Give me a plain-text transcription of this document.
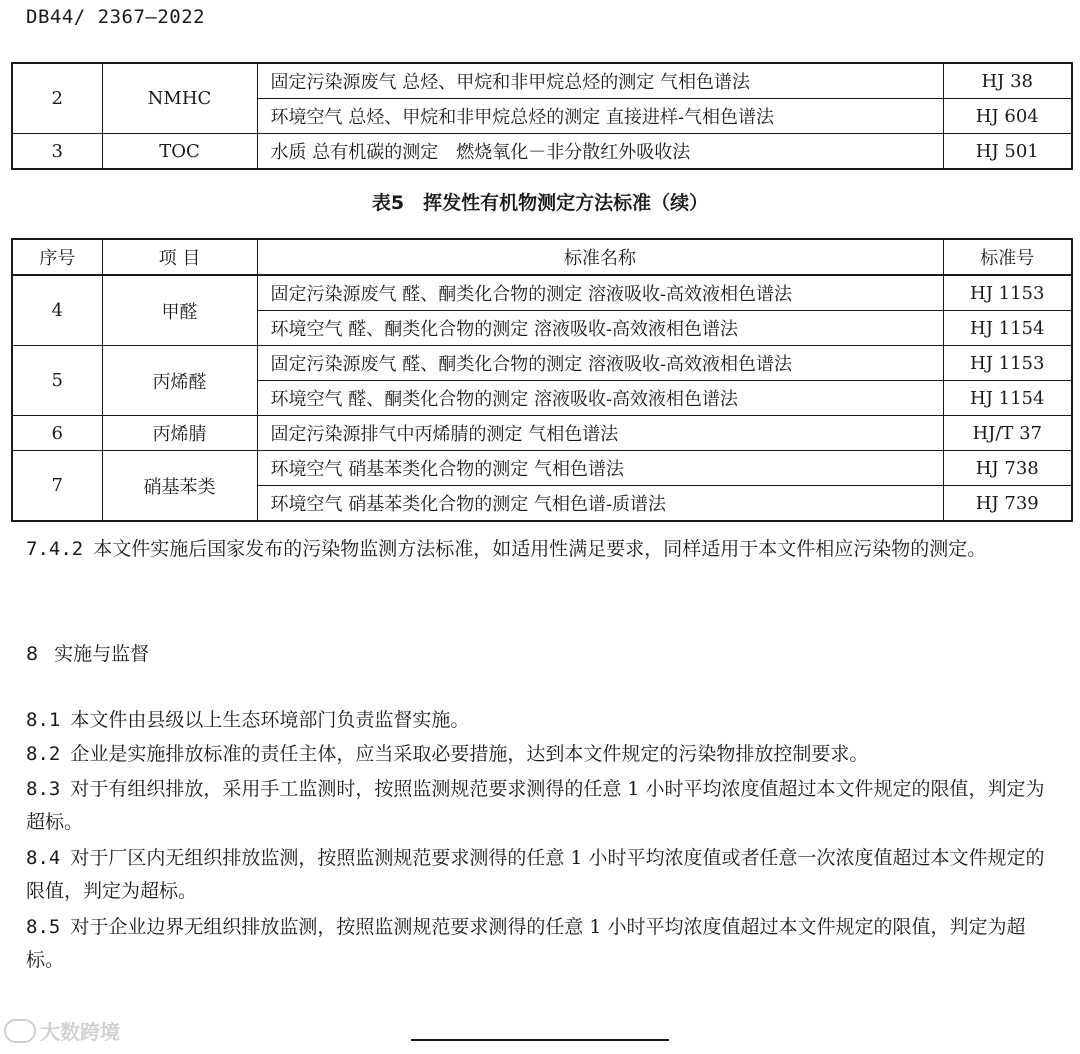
DB44/ 2367—2022
2	NMHC	固定污染源废气 总烃、甲烷和非甲烷总烃的测定 气相色谱法	HJ 38
		环境空气 总烃、甲烷和非甲烷总烃的测定 直接进样-气相色谱法	HJ 604
3	TOC	水质 总有机碳的测定　燃烧氧化－非分散红外吸收法	HJ 501
表5　挥发性有机物测定方法标准（续）
序号	项 目	标准名称	标准号
4	甲醛	固定污染源废气 醛、酮类化合物的测定 溶液吸收-高效液相色谱法	HJ 1153
		环境空气 醛、酮类化合物的测定 溶液吸收-高效液相色谱法	HJ 1154
5	丙烯醛	固定污染源废气 醛、酮类化合物的测定 溶液吸收-高效液相色谱法	HJ 1153
		环境空气 醛、酮类化合物的测定 溶液吸收-高效液相色谱法	HJ 1154
6	丙烯腈	固定污染源排气中丙烯腈的测定 气相色谱法	HJ/T 37
7	硝基苯类	环境空气 硝基苯类化合物的测定 气相色谱法	HJ 738
		环境空气 硝基苯类化合物的测定 气相色谱-质谱法	HJ 739
7.4.2 本文件实施后国家发布的污染物监测方法标准，如适用性满足要求，同样适用于本文件相应污染物的测定。
8 实施与监督
8.1 本文件由县级以上生态环境部门负责监督实施。
8.2 企业是实施排放标准的责任主体，应当采取必要措施，达到本文件规定的污染物排放控制要求。
8.3 对于有组织排放，采用手工监测时，按照监测规范要求测得的任意 1 小时平均浓度值超过本文件规定的限值，判定为超标。
8.4 对于厂区内无组织排放监测，按照监测规范要求测得的任意 1 小时平均浓度值或者任意一次浓度值超过本文件规定的限值，判定为超标。
8.5 对于企业边界无组织排放监测，按照监测规范要求测得的任意 1 小时平均浓度值超过本文件规定的限值，判定为超标。
大数跨境
